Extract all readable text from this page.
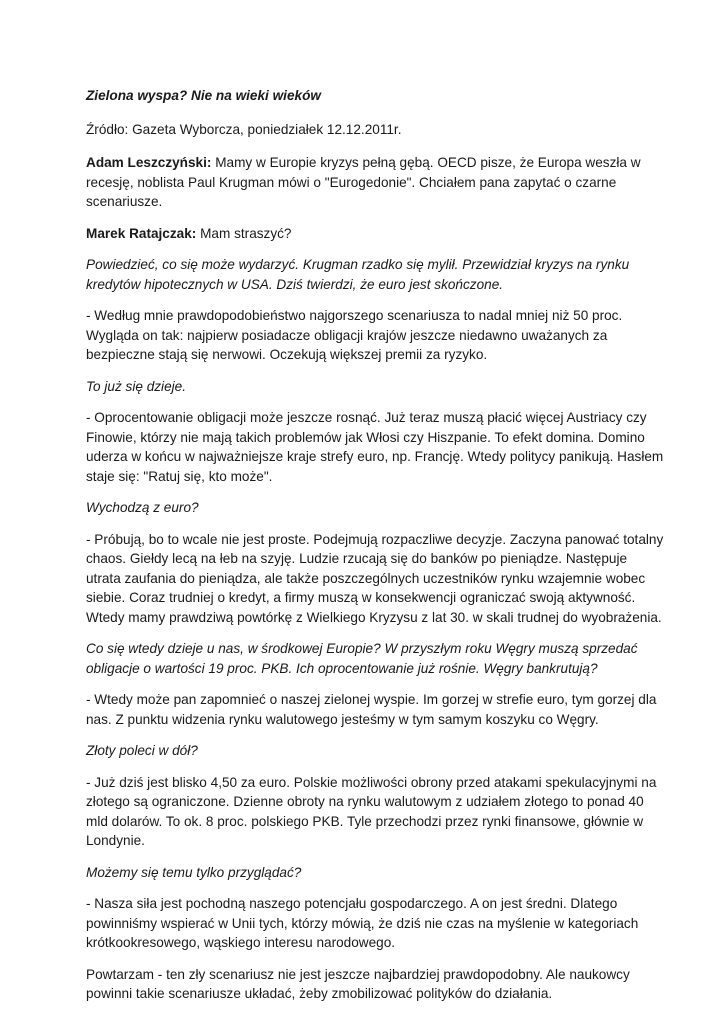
Zielona wyspa? Nie na wieki wieków

Źródło: Gazeta Wyborcza, poniedziałek 12.12.2011r.

Adam Leszczyński: Mamy w Europie kryzys pełną gębą. OECD pisze, że Europa weszła w recesję, noblista Paul Krugman mówi o "Eurogedonie". Chciałem pana zapytać o czarne scenariusze.

Marek Ratajczak: Mam straszyć?

Powiedzieć, co się może wydarzyć. Krugman rzadko się mylił. Przewidział kryzys na rynku kredytów hipotecznych w USA. Dziś twierdzi, że euro jest skończone.

- Według mnie prawdopodobieństwo najgorszego scenariusza to nadal mniej niż 50 proc. Wygląda on tak: najpierw posiadacze obligacji krajów jeszcze niedawno uważanych za bezpieczne stają się nerwowi. Oczekują większej premii za ryzyko.

To już się dzieje.

- Oprocentowanie obligacji może jeszcze rosnąć. Już teraz muszą płacić więcej Austriacy czy Finowie, którzy nie mają takich problemów jak Włosi czy Hiszpanie. To efekt domina. Domino uderza w końcu w najważniejsze kraje strefy euro, np. Francję. Wtedy politycy panikują. Hasłem staje się: "Ratuj się, kto może".

Wychodzą z euro?

- Próbują, bo to wcale nie jest proste. Podejmują rozpaczliwe decyzje. Zaczyna panować totalny chaos. Giełdy lecą na łeb na szyję. Ludzie rzucają się do banków po pieniądze. Następuje utrata zaufania do pieniądza, ale także poszczególnych uczestników rynku wzajemnie wobec siebie. Coraz trudniej o kredyt, a firmy muszą w konsekwencji ograniczać swoją aktywność. Wtedy mamy prawdziwą powtórkę z Wielkiego Kryzysu z lat 30. w skali trudnej do wyobrażenia.

Co się wtedy dzieje u nas, w środkowej Europie? W przyszłym roku Węgry muszą sprzedać obligacje o wartości 19 proc. PKB. Ich oprocentowanie już rośnie. Węgry bankrutują?

- Wtedy może pan zapomnieć o naszej zielonej wyspie. Im gorzej w strefie euro, tym gorzej dla nas. Z punktu widzenia rynku walutowego jesteśmy w tym samym koszyku co Węgry.

Złoty poleci w dół?

- Już dziś jest blisko 4,50 za euro. Polskie możliwości obrony przed atakami spekulacyjnymi na złotego są ograniczone. Dzienne obroty na rynku walutowym z udziałem złotego to ponad 40 mld dolarów. To ok. 8 proc. polskiego PKB. Tyle przechodzi przez rynki finansowe, głównie w Londynie.

Możemy się temu tylko przyglądać?

- Nasza siła jest pochodną naszego potencjału gospodarczego. A on jest średni. Dlatego powinniśmy wspierać w Unii tych, którzy mówią, że dziś nie czas na myślenie w kategoriach krótkookresowego, wąskiego interesu narodowego.

Powtarzam - ten zły scenariusz nie jest jeszcze najbardziej prawdopodobny. Ale naukowcy powinni takie scenariusze układać, żeby zmobilizować polityków do działania.
